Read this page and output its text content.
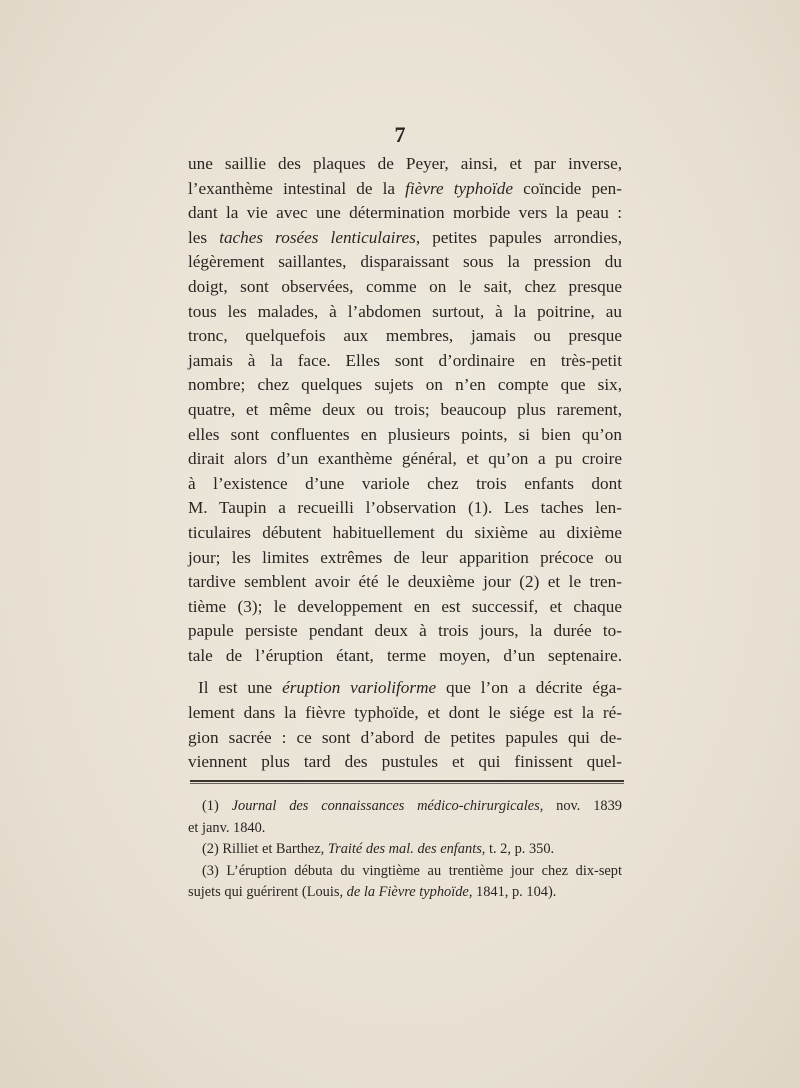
7
une saillie des plaques de Peyer, ainsi, et par inverse,
l’exanthème intestinal de la fièvre typhoïde coïncide pen-
dant la vie avec une détermination morbide vers la peau :
les taches rosées lenticulaires, petites papules arrondies,
légèrement saillantes, disparaissant sous la pression du
doigt, sont observées, comme on le sait, chez presque
tous les malades, à l’abdomen surtout, à la poitrine, au
tronc, quelquefois aux membres, jamais ou presque
jamais à la face. Elles sont d’ordinaire en très-petit
nombre; chez quelques sujets on n’en compte que six,
quatre, et même deux ou trois; beaucoup plus rarement,
elles sont confluentes en plusieurs points, si bien qu’on
dirait alors d’un exanthème général, et qu’on a pu croire
à l’existence d’une variole chez trois enfants dont
M. Taupin a recueilli l’observation (1). Les taches len-
ticulaires débutent habituellement du sixième au dixième
jour; les limites extrêmes de leur apparition précoce ou
tardive semblent avoir été le deuxième jour (2) et le tren-
tième (3); le developpement en est successif, et chaque
papule persiste pendant deux à trois jours, la durée to-
tale de l’éruption étant, terme moyen, d’un septenaire.
Il est une éruption varioliforme que l’on a décrite éga-
lement dans la fièvre typhoïde, et dont le siége est la ré-
gion sacrée : ce sont d’abord de petites papules qui de-
viennent plus tard des pustules et qui finissent quel-
(1) Journal des connaissances médico-chirurgicales, nov. 1839
et janv. 1840.
(2) Rilliet et Barthez, Traité des mal. des enfants, t. 2, p. 350.
(3) L’éruption débuta du vingtième au trentième jour chez dix-sept
sujets qui guérirent (Louis, de la Fièvre typhoïde, 1841, p. 104).
